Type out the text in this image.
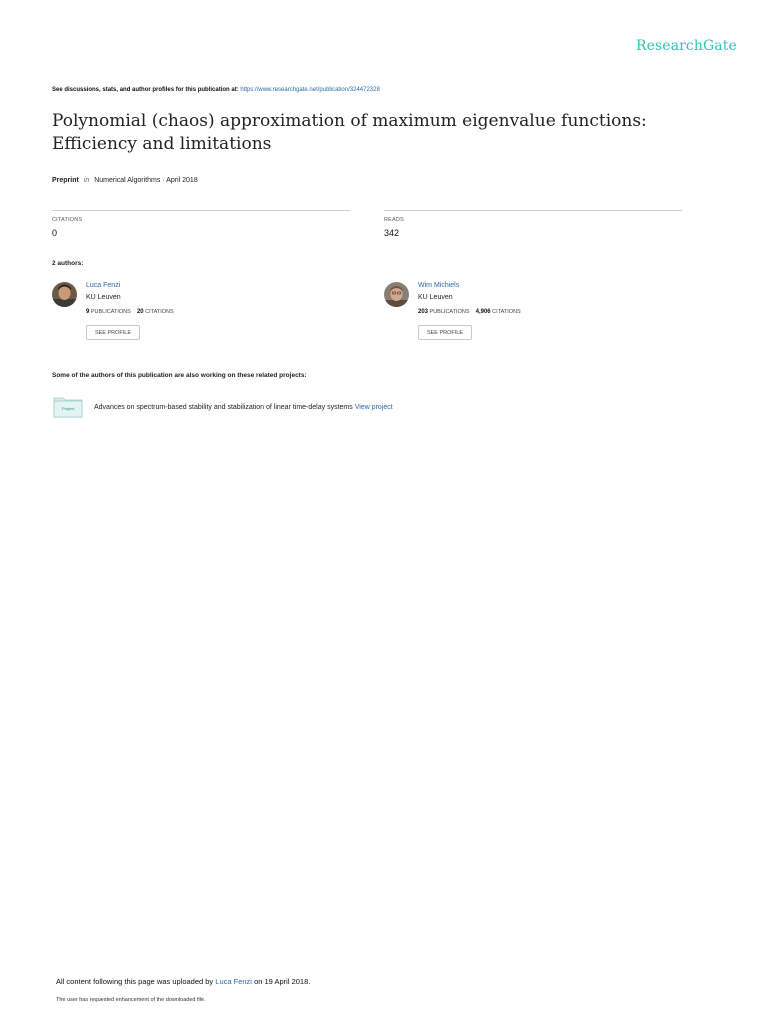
ResearchGate
See discussions, stats, and author profiles for this publication at: https://www.researchgate.net/publication/324472328
Polynomial (chaos) approximation of maximum eigenvalue functions:
Efficiency and limitations
Preprint in Numerical Algorithms · April 2018
CITATIONS
0
READS
342
2 authors:
Luca Fenzi
KU Leuven
9 PUBLICATIONS 20 CITATIONS
SEE PROFILE
Wim Michiels
KU Leuven
203 PUBLICATIONS 4,906 CITATIONS
SEE PROFILE
Some of the authors of this publication are also working on these related projects:
Project	Advances on spectrum-based stability and stabilization of linear time-delay systems View project
All content following this page was uploaded by Luca Fenzi on 19 April 2018.
The user has requested enhancement of the downloaded file.
